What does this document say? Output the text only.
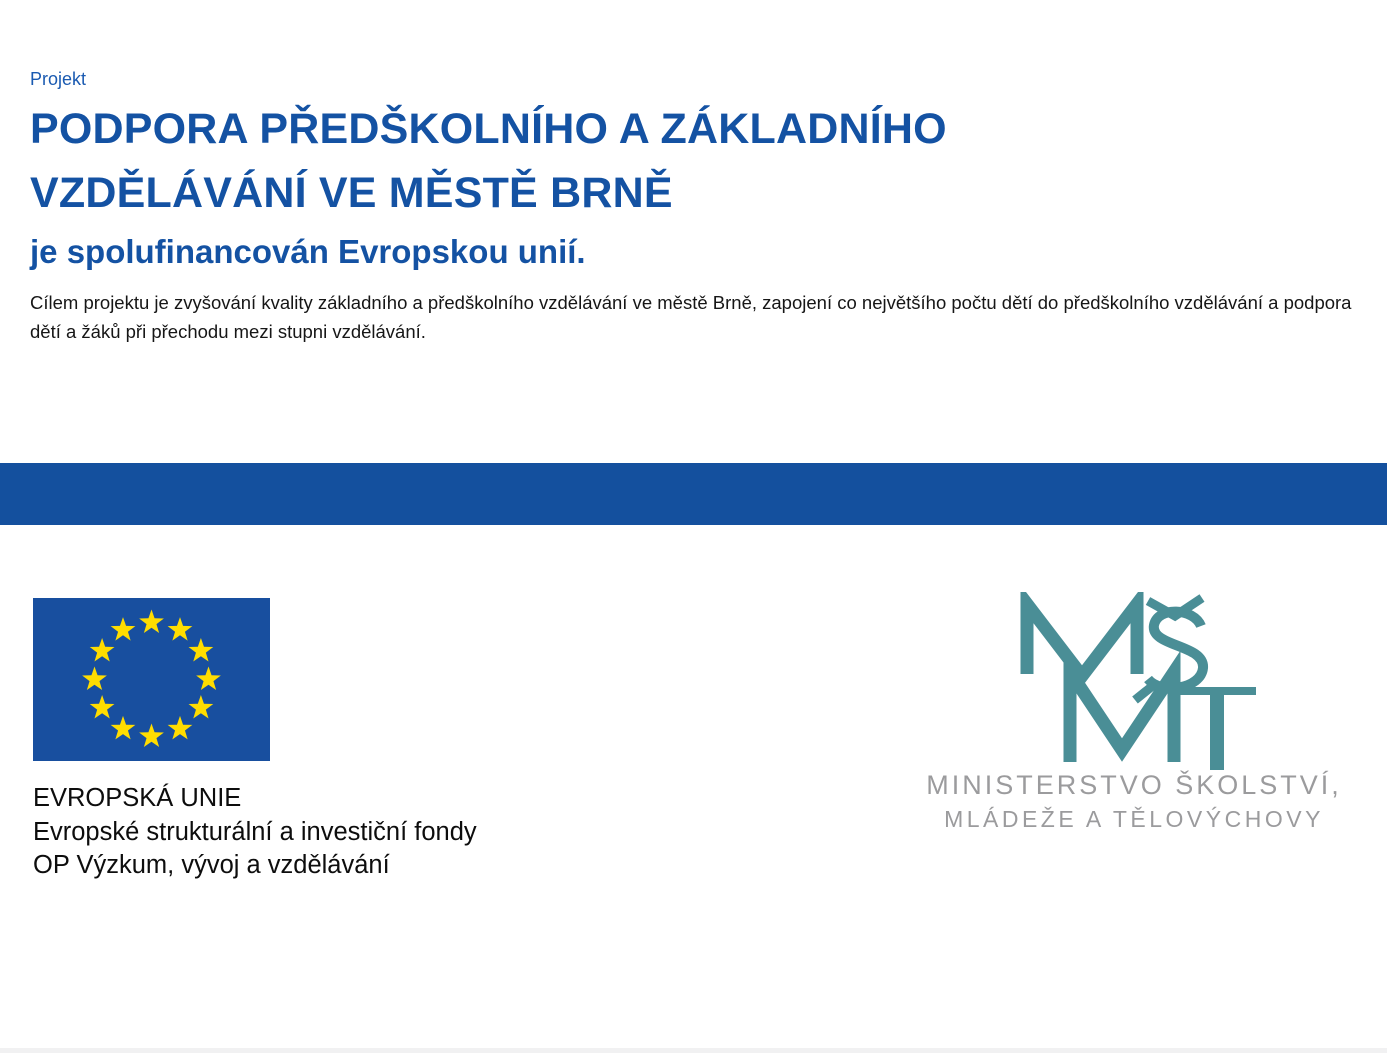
Projekt
PODPORA PŘEDŠKOLNÍHO A ZÁKLADNÍHO
VZDĚLÁVÁNÍ VE MĚSTĚ BRNĚ
je spolufinancován Evropskou unií.

Cílem projektu je zvyšování kvality základního a předškolního vzdělávání ve městě Brně, zapojení co největšího počtu dětí do předškolního vzdělávání a podpora dětí a žáků při přechodu mezi stupni vzdělávání.

EVROPSKÁ UNIE
Evropské strukturální a investiční fondy
OP Výzkum, vývoj a vzdělávání
MINISTERSTVO ŠKOLSTVÍ,
MLÁDEŽE A TĚLOVÝCHOVY
